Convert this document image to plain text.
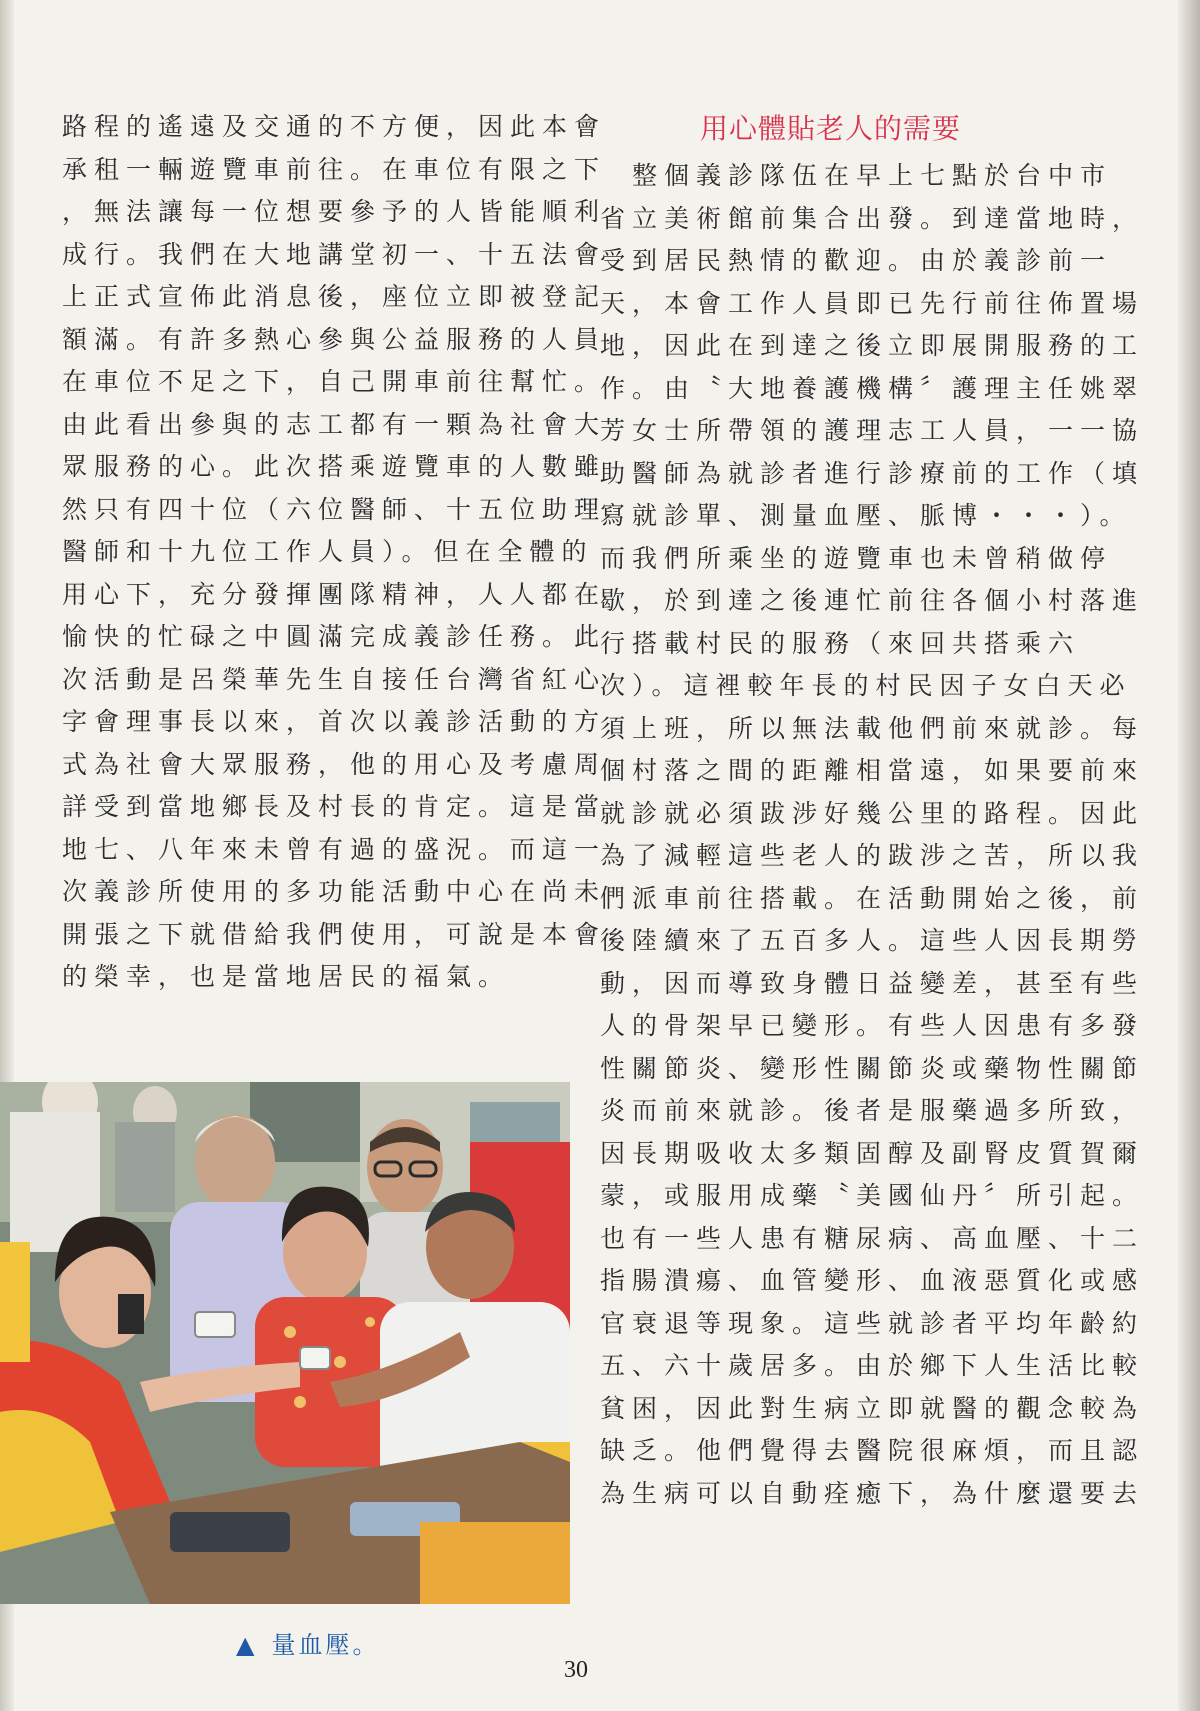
路程的遙遠及交通的不方便，因此本會
承租一輛遊覽車前往。在車位有限之下
，無法讓每一位想要參予的人皆能順利
成行。我們在大地講堂初一、十五法會
上正式宣佈此消息後，座位立即被登記
額滿。有許多熱心參與公益服務的人員
在車位不足之下，自己開車前往幫忙。
由此看出參與的志工都有一顆為社會大
眾服務的心。此次搭乘遊覽車的人數雖
然只有四十位（六位醫師、十五位助理
醫師和十九位工作人員）。但在全體的
用心下，充分發揮團隊精神，人人都在
愉快的忙碌之中圓滿完成義診任務。此
次活動是呂榮華先生自接任台灣省紅心
字會理事長以來，首次以義診活動的方
式為社會大眾服務，他的用心及考慮周
詳受到當地鄉長及村長的肯定。這是當
地七、八年來未曾有過的盛況。而這一
次義診所使用的多功能活動中心在尚未
開張之下就借給我們使用，可說是本會
的榮幸，也是當地居民的福氣。
用心體貼老人的需要
　整個義診隊伍在早上七點於台中市
省立美術館前集合出發。到達當地時，
受到居民熱情的歡迎。由於義診前一
天，本會工作人員即已先行前往佈置場
地，因此在到達之後立即展開服務的工
作。由〝大地養護機構〞護理主任姚翠
芳女士所帶領的護理志工人員，一一協
助醫師為就診者進行診療前的工作（填
寫就診單、測量血壓、脈博・・・）。
而我們所乘坐的遊覽車也未曾稍做停
歇，於到達之後連忙前往各個小村落進
行搭載村民的服務（來回共搭乘六
次）。這裡較年長的村民因子女白天必
須上班，所以無法載他們前來就診。每
個村落之間的距離相當遠，如果要前來
就診就必須跋涉好幾公里的路程。因此
為了減輕這些老人的跋涉之苦，所以我
們派車前往搭載。在活動開始之後，前
後陸續來了五百多人。這些人因長期勞
動，因而導致身體日益變差，甚至有些
人的骨架早已變形。有些人因患有多發
性關節炎、變形性關節炎或藥物性關節
炎而前來就診。後者是服藥過多所致，
因長期吸收太多類固醇及副腎皮質賀爾
蒙，或服用成藥〝美國仙丹〞所引起。
也有一些人患有糖尿病、高血壓、十二
指腸潰瘍、血管變形、血液惡質化或感
官衰退等現象。這些就診者平均年齡約
五、六十歲居多。由於鄉下人生活比較
貧困，因此對生病立即就醫的觀念較為
缺乏。他們覺得去醫院很麻煩，而且認
為生病可以自動痊癒下，為什麼還要去
▲ 量血壓。
30
